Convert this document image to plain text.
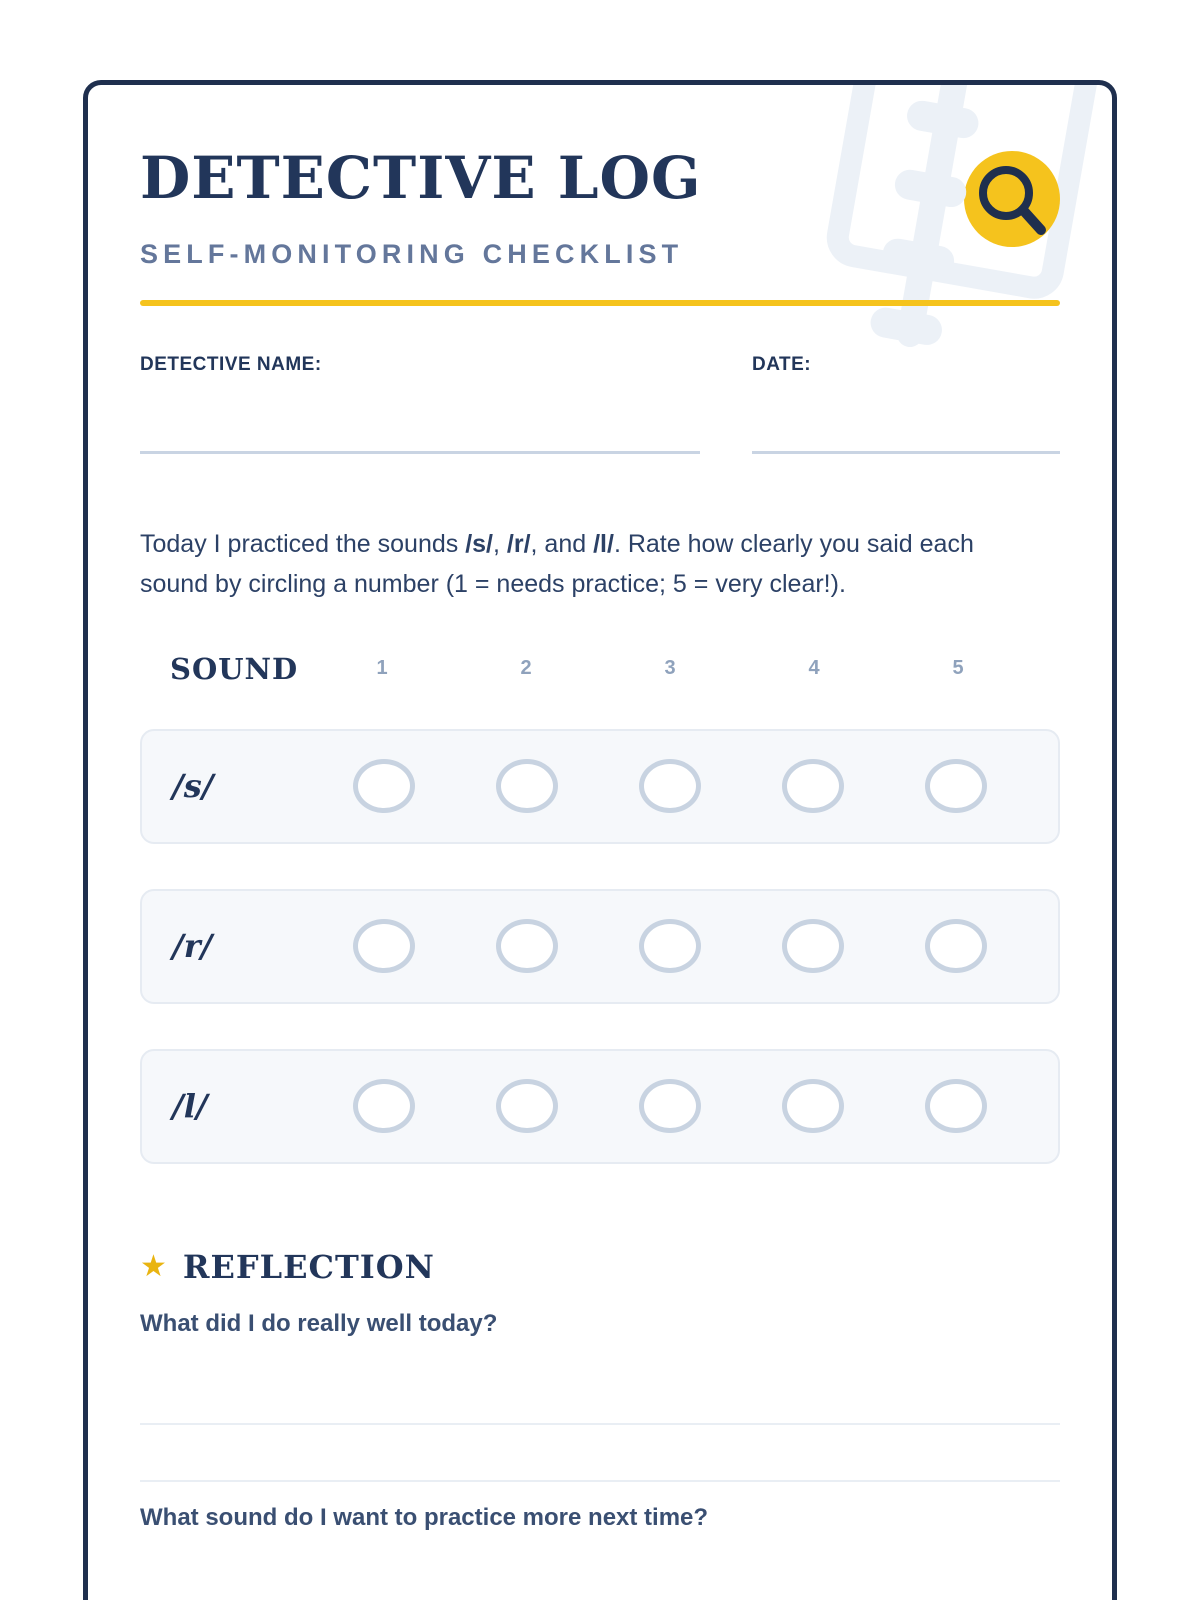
DETECTIVE LOG
SELF-MONITORING CHECKLIST
DETECTIVE NAME:	DATE:

Today I practiced the sounds /s/, /r/, and /l/. Rate how clearly you said each sound by circling a number (1 = needs practice; 5 = very clear!).

SOUND	1	2	3	4	5
/s/
/r/
/l/
★ REFLECTION
What did I do really well today?
What sound do I want to practice more next time?
